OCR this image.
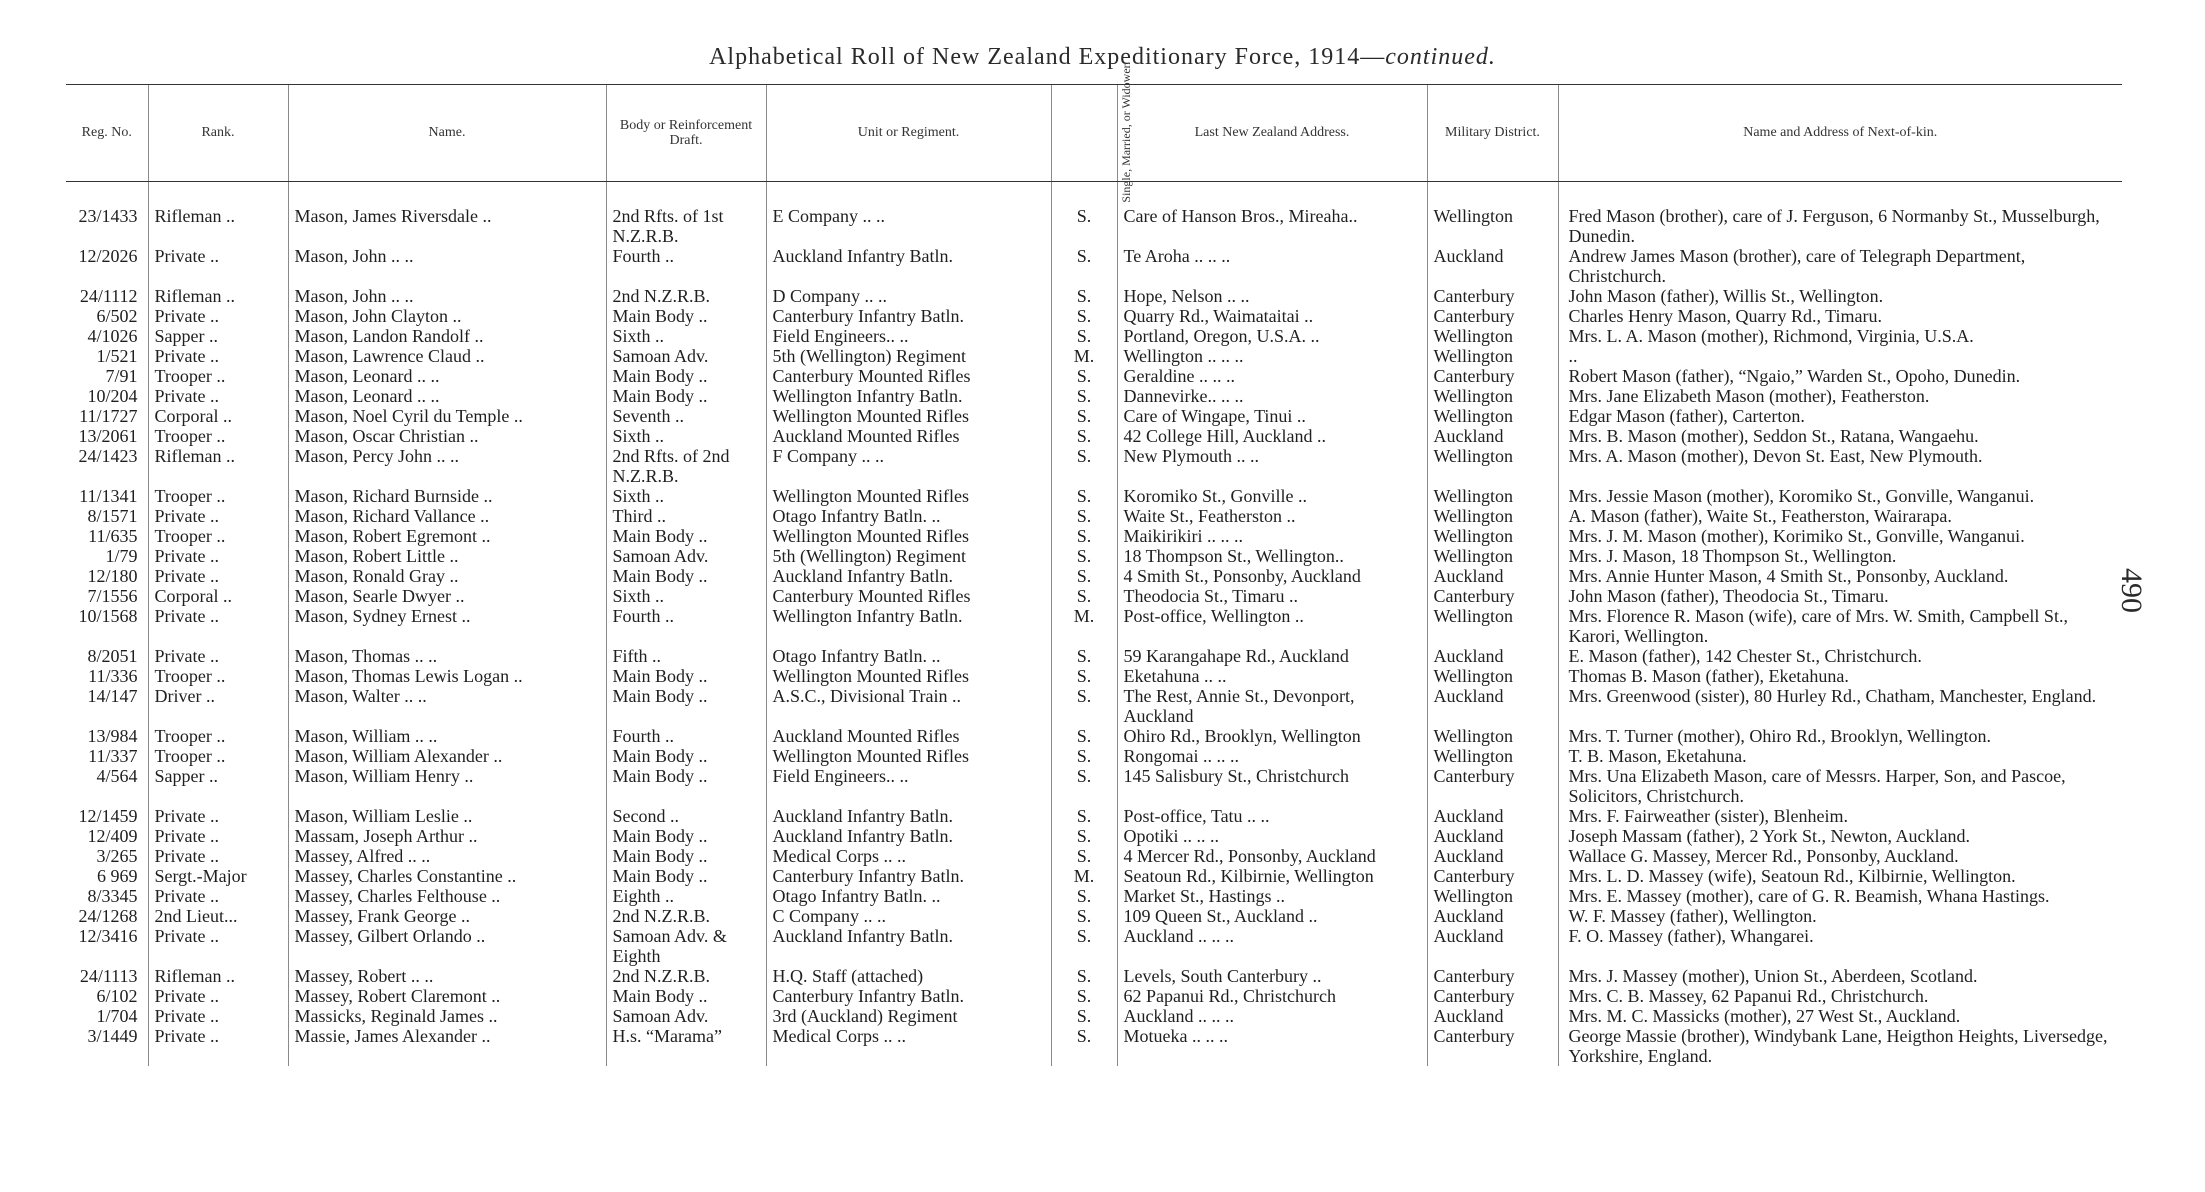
Alphabetical Roll of New Zealand Expeditionary Force, 1914—continued.
490
Reg. No.	Rank.	Name.	Body or Reinforcement Draft.	Unit or Regiment.	Single, Married, or Widower.	Last New Zealand Address.	Military District.	Name and Address of Next-of-kin.
23/1433	Rifleman ..	Mason, James Riversdale ..	2nd Rfts. of 1st N.Z.R.B.	E Company .. ..	S.	Care of Hanson Bros., Mireaha..	Wellington	Fred Mason (brother), care of J. Ferguson, 6 Normanby St., Musselburgh, Dunedin.
12/2026	Private ..	Mason, John .. ..	Fourth ..	Auckland Infantry Batln.	S.	Te Aroha .. .. ..	Auckland	Andrew James Mason (brother), care of Telegraph Department, Christchurch.
24/1112	Rifleman ..	Mason, John .. ..	2nd N.Z.R.B.	D Company .. ..	S.	Hope, Nelson .. ..	Canterbury	John Mason (father), Willis St., Wellington.
6/502	Private ..	Mason, John Clayton ..	Main Body ..	Canterbury Infantry Batln.	S.	Quarry Rd., Waimataitai ..	Canterbury	Charles Henry Mason, Quarry Rd., Timaru.
4/1026	Sapper ..	Mason, Landon Randolf ..	Sixth ..	Field Engineers.. ..	S.	Portland, Oregon, U.S.A. ..	Wellington	Mrs. L. A. Mason (mother), Richmond, Virginia, U.S.A.
1/521	Private ..	Mason, Lawrence Claud ..	Samoan Adv.	5th (Wellington) Regiment	M.	Wellington .. .. ..	Wellington	..
7/91	Trooper ..	Mason, Leonard .. ..	Main Body ..	Canterbury Mounted Rifles	S.	Geraldine .. .. ..	Canterbury	Robert Mason (father), “Ngaio,” Warden St., Opoho, Dunedin.
10/204	Private ..	Mason, Leonard .. ..	Main Body ..	Wellington Infantry Batln.	S.	Dannevirke.. .. ..	Wellington	Mrs. Jane Elizabeth Mason (mother), Featherston.
11/1727	Corporal ..	Mason, Noel Cyril du Temple ..	Seventh ..	Wellington Mounted Rifles	S.	Care of Wingape, Tinui ..	Wellington	Edgar Mason (father), Carterton.
13/2061	Trooper ..	Mason, Oscar Christian ..	Sixth ..	Auckland Mounted Rifles	S.	42 College Hill, Auckland ..	Auckland	Mrs. B. Mason (mother), Seddon St., Ratana, Wangaehu.
24/1423	Rifleman ..	Mason, Percy John .. ..	2nd Rfts. of 2nd N.Z.R.B.	F Company .. ..	S.	New Plymouth .. ..	Wellington	Mrs. A. Mason (mother), Devon St. East, New Plymouth.
11/1341	Trooper ..	Mason, Richard Burnside ..	Sixth ..	Wellington Mounted Rifles	S.	Koromiko St., Gonville ..	Wellington	Mrs. Jessie Mason (mother), Koromiko St., Gonville, Wanganui.
8/1571	Private ..	Mason, Richard Vallance ..	Third ..	Otago Infantry Batln. ..	S.	Waite St., Featherston ..	Wellington	A. Mason (father), Waite St., Featherston, Wairarapa.
11/635	Trooper ..	Mason, Robert Egremont ..	Main Body ..	Wellington Mounted Rifles	S.	Maikirikiri .. .. ..	Wellington	Mrs. J. M. Mason (mother), Korimiko St., Gonville, Wanganui.
1/79	Private ..	Mason, Robert Little ..	Samoan Adv.	5th (Wellington) Regiment	S.	18 Thompson St., Wellington..	Wellington	Mrs. J. Mason, 18 Thompson St., Wellington.
12/180	Private ..	Mason, Ronald Gray ..	Main Body ..	Auckland Infantry Batln.	S.	4 Smith St., Ponsonby, Auckland	Auckland	Mrs. Annie Hunter Mason, 4 Smith St., Ponsonby, Auckland.
7/1556	Corporal ..	Mason, Searle Dwyer ..	Sixth ..	Canterbury Mounted Rifles	S.	Theodocia St., Timaru ..	Canterbury	John Mason (father), Theodocia St., Timaru.
10/1568	Private ..	Mason, Sydney Ernest ..	Fourth ..	Wellington Infantry Batln.	M.	Post-office, Wellington ..	Wellington	Mrs. Florence R. Mason (wife), care of Mrs. W. Smith, Campbell St., Karori, Wellington.
8/2051	Private ..	Mason, Thomas .. ..	Fifth ..	Otago Infantry Batln. ..	S.	59 Karangahape Rd., Auckland	Auckland	E. Mason (father), 142 Chester St., Christchurch.
11/336	Trooper ..	Mason, Thomas Lewis Logan ..	Main Body ..	Wellington Mounted Rifles	S.	Eketahuna .. ..	Wellington	Thomas B. Mason (father), Eketahuna.
14/147	Driver ..	Mason, Walter .. ..	Main Body ..	A.S.C., Divisional Train ..	S.	The Rest, Annie St., Devonport, Auckland	Auckland	Mrs. Greenwood (sister), 80 Hurley Rd., Chatham, Manchester, England.
13/984	Trooper ..	Mason, William .. ..	Fourth ..	Auckland Mounted Rifles	S.	Ohiro Rd., Brooklyn, Wellington	Wellington	Mrs. T. Turner (mother), Ohiro Rd., Brooklyn, Wellington.
11/337	Trooper ..	Mason, William Alexander ..	Main Body ..	Wellington Mounted Rifles	S.	Rongomai .. .. ..	Wellington	T. B. Mason, Eketahuna.
4/564	Sapper ..	Mason, William Henry ..	Main Body ..	Field Engineers.. ..	S.	145 Salisbury St., Christchurch	Canterbury	Mrs. Una Elizabeth Mason, care of Messrs. Harper, Son, and Pascoe, Solicitors, Christchurch.
12/1459	Private ..	Mason, William Leslie ..	Second ..	Auckland Infantry Batln.	S.	Post-office, Tatu .. ..	Auckland	Mrs. F. Fairweather (sister), Blenheim.
12/409	Private ..	Massam, Joseph Arthur ..	Main Body ..	Auckland Infantry Batln.	S.	Opotiki .. .. ..	Auckland	Joseph Massam (father), 2 York St., Newton, Auckland.
3/265	Private ..	Massey, Alfred .. ..	Main Body ..	Medical Corps .. ..	S.	4 Mercer Rd., Ponsonby, Auckland	Auckland	Wallace G. Massey, Mercer Rd., Ponsonby, Auckland.
6 969	Sergt.-Major	Massey, Charles Constantine ..	Main Body ..	Canterbury Infantry Batln.	M.	Seatoun Rd., Kilbirnie, Wellington	Canterbury	Mrs. L. D. Massey (wife), Seatoun Rd., Kilbirnie, Wellington.
8/3345	Private ..	Massey, Charles Felthouse ..	Eighth ..	Otago Infantry Batln. ..	S.	Market St., Hastings ..	Wellington	Mrs. E. Massey (mother), care of G. R. Beamish, Whana Hastings.
24/1268	2nd Lieut...	Massey, Frank George ..	2nd N.Z.R.B.	C Company .. ..	S.	109 Queen St., Auckland ..	Auckland	W. F. Massey (father), Wellington.
12/3416	Private ..	Massey, Gilbert Orlando ..	Samoan Adv. & Eighth	Auckland Infantry Batln.	S.	Auckland .. .. ..	Auckland	F. O. Massey (father), Whangarei.
24/1113	Rifleman ..	Massey, Robert .. ..	2nd N.Z.R.B.	H.Q. Staff (attached)	S.	Levels, South Canterbury ..	Canterbury	Mrs. J. Massey (mother), Union St., Aberdeen, Scotland.
6/102	Private ..	Massey, Robert Claremont ..	Main Body ..	Canterbury Infantry Batln.	S.	62 Papanui Rd., Christchurch	Canterbury	Mrs. C. B. Massey, 62 Papanui Rd., Christchurch.
1/704	Private ..	Massicks, Reginald James ..	Samoan Adv.	3rd (Auckland) Regiment	S.	Auckland .. .. ..	Auckland	Mrs. M. C. Massicks (mother), 27 West St., Auckland.
3/1449	Private ..	Massie, James Alexander ..	H.s. “Marama”	Medical Corps .. ..	S.	Motueka .. .. ..	Canterbury	George Massie (brother), Windybank Lane, Heigthon Heights, Liversedge, Yorkshire, England.
